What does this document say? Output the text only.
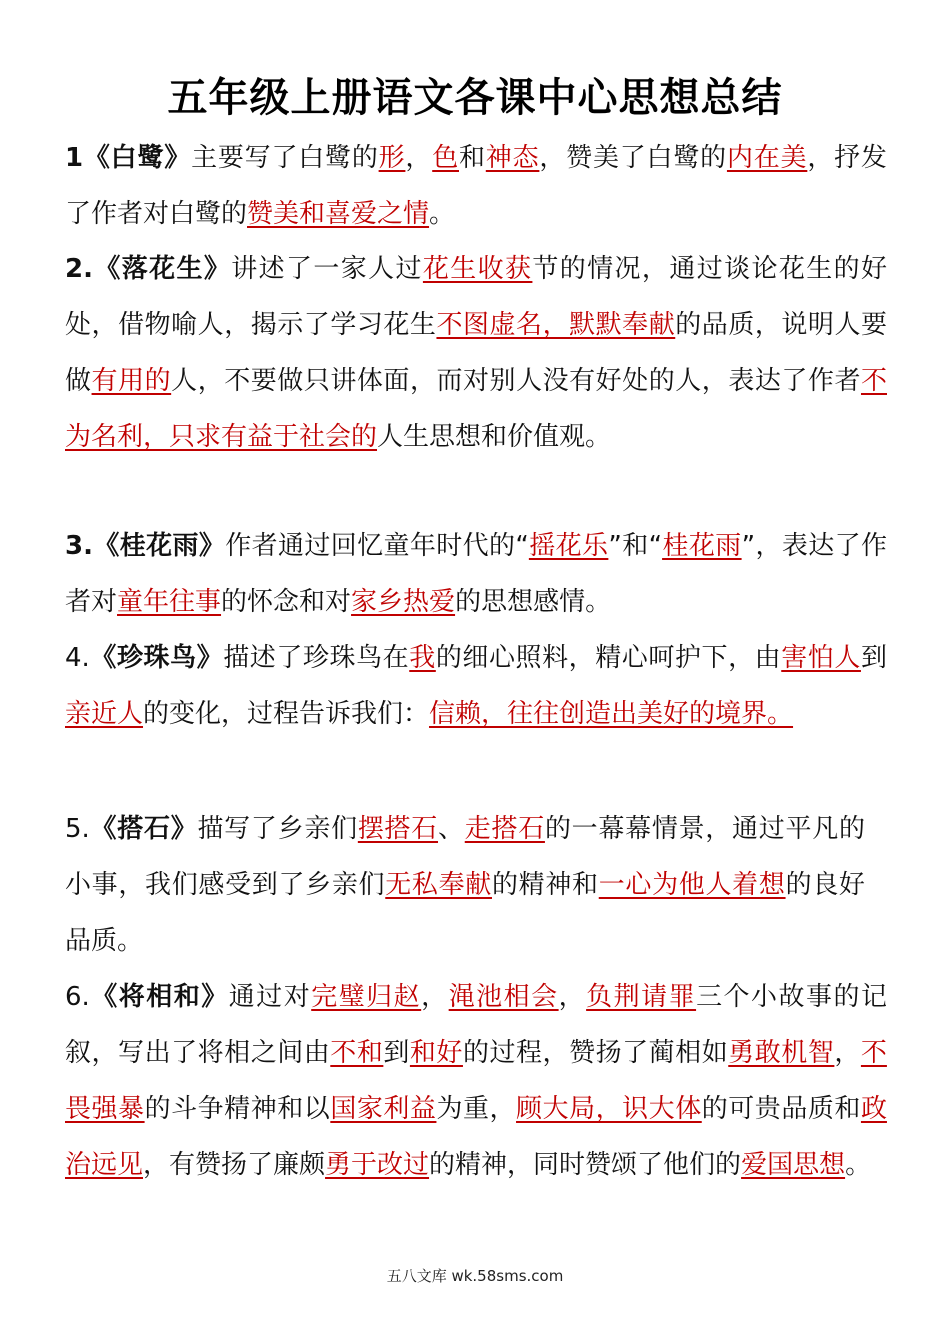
五年级上册语文各课中心思想总结
1《白鹭》主要写了白鹭的形，色和神态，赞美了白鹭的内在美，抒发了作者对白鹭的赞美和喜爱之情。
2.《落花生》讲述了一家人过花生收获节的情况，通过谈论花生的好处，借物喻人，揭示了学习花生不图虚名，默默奉献的品质，说明人要做有用的人，不要做只讲体面，而对别人没有好处的人，表达了作者不为名利，只求有益于社会的人生思想和价值观。
3.《桂花雨》作者通过回忆童年时代的“摇花乐”和“桂花雨”，表达了作者对童年往事的怀念和对家乡热爱的思想感情。
4.《珍珠鸟》描述了珍珠鸟在我的细心照料，精心呵护下，由害怕人到亲近人的变化，过程告诉我们：信赖，往往创造出美好的境界。
5.《搭石》描写了乡亲们摆搭石、走搭石的一幕幕情景，通过平凡的小事，我们感受到了乡亲们无私奉献的精神和一心为他人着想的良好品质。
6.《将相和》通过对完璧归赵，渑池相会，负荆请罪三个小故事的记叙，写出了将相之间由不和到和好的过程，赞扬了蔺相如勇敢机智，不畏强暴的斗争精神和以国家利益为重，顾大局，识大体的可贵品质和政治远见，有赞扬了廉颇勇于改过的精神，同时赞颂了他们的爱国思想。
五八文库 wk.58sms.com
